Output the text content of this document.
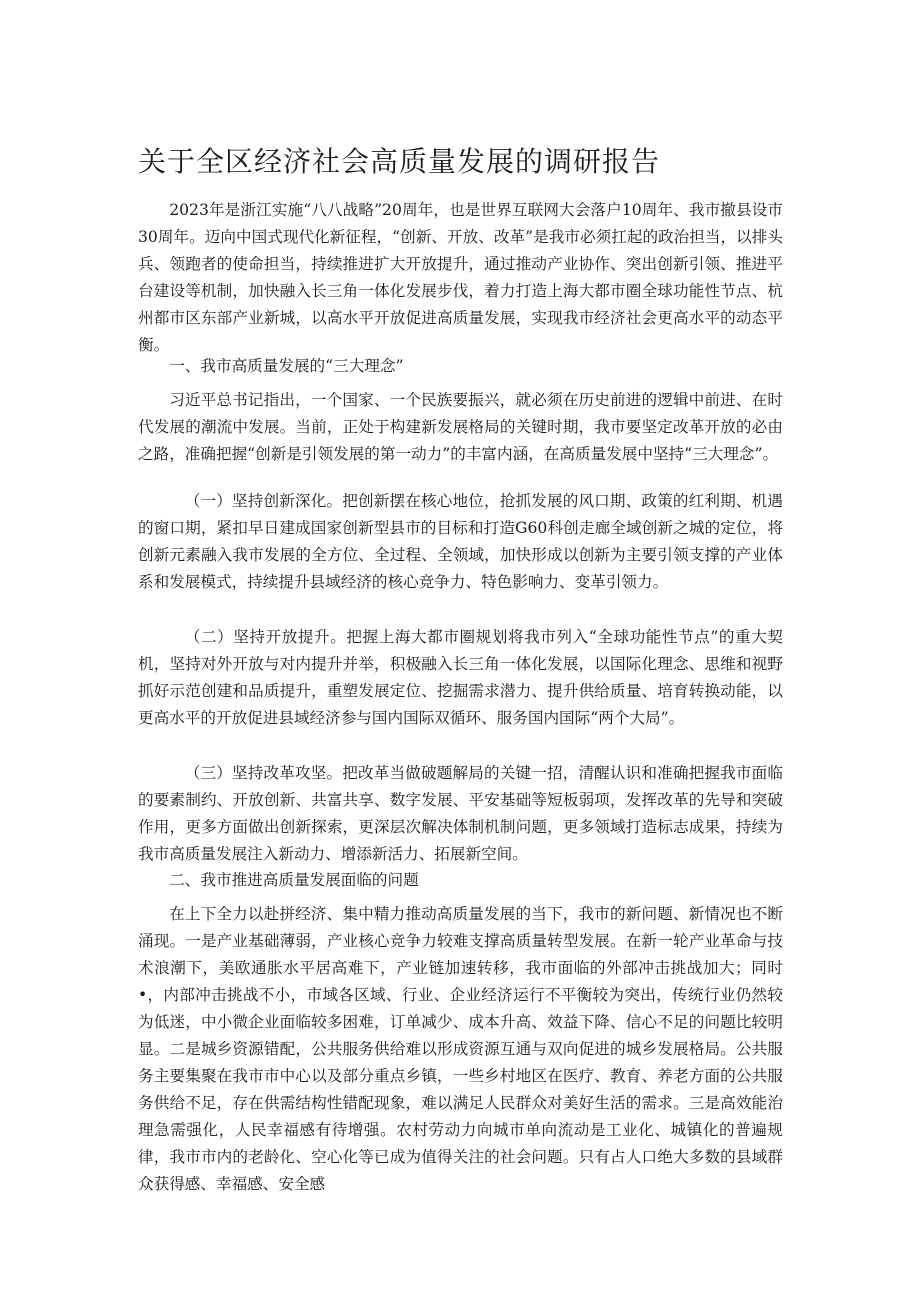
关于全区经济社会高质量发展的调研报告

2023年是浙江实施“八八战略”20周年，也是世界互联网大会落户10周年、我市撤县设市30周年。迈向中国式现代化新征程，“创新、开放、改革”是我市必须扛起的政治担当，以排头兵、领跑者的使命担当，持续推进扩大开放提升，通过推动产业协作、突出创新引领、推进平台建设等机制，加快融入长三角一体化发展步伐，着力打造上海大都市圈全球功能性节点、杭州都市区东部产业新城，以高水平开放促进高质量发展，实现我市经济社会更高水平的动态平衡。

一、我市高质量发展的“三大理念”

习近平总书记指出，一个国家、一个民族要振兴，就必须在历史前进的逻辑中前进、在时代发展的潮流中发展。当前，正处于构建新发展格局的关键时期，我市要坚定改革开放的必由之路，准确把握“创新是引领发展的第一动力”的丰富内涵，在高质量发展中坚持“三大理念”。

（一）坚持创新深化。把创新摆在核心地位，抢抓发展的风口期、政策的红利期、机遇的窗口期，紧扣早日建成国家创新型县市的目标和打造G60科创走廊全域创新之城的定位，将创新元素融入我市发展的全方位、全过程、全领域，加快形成以创新为主要引领支撑的产业体系和发展模式，持续提升县域经济的核心竞争力、特色影响力、变革引领力。

（二）坚持开放提升。把握上海大都市圈规划将我市列入“全球功能性节点”的重大契机，坚持对外开放与对内提升并举，积极融入长三角一体化发展，以国际化理念、思维和视野抓好示范创建和品质提升，重塑发展定位、挖掘需求潜力、提升供给质量、培育转换动能，以更高水平的开放促进县域经济参与国内国际双循环、服务国内国际“两个大局”。

（三）坚持改革攻坚。把改革当做破题解局的关键一招，清醒认识和准确把握我市面临的要素制约、开放创新、共富共享、数字发展、平安基础等短板弱项，发挥改革的先导和突破作用，更多方面做出创新探索，更深层次解决体制机制问题，更多领域打造标志成果，持续为我市高质量发展注入新动力、增添新活力、拓展新空间。

二、我市推进高质量发展面临的问题

在上下全力以赴拼经济、集中精力推动高质量发展的当下，我市的新问题、新情况也不断涌现。一是产业基础薄弱，产业核心竞争力较难支撑高质量转型发展。在新一轮产业革命与技术浪潮下，美欧通胀水平居高难下，产业链加速转移，我市面临的外部冲击挑战加大；同时•，内部冲击挑战不小，市域各区域、行业、企业经济运行不平衡较为突出，传统行业仍然较为低迷，中小微企业面临较多困难，订单减少、成本升高、效益下降、信心不足的问题比较明显。二是城乡资源错配，公共服务供给难以形成资源互通与双向促进的城乡发展格局。公共服务主要集聚在我市市中心以及部分重点乡镇，一些乡村地区在医疗、教育、养老方面的公共服务供给不足，存在供需结构性错配现象，难以满足人民群众对美好生活的需求。三是高效能治理急需强化，人民幸福感有待增强。农村劳动力向城市单向流动是工业化、城镇化的普遍规律，我市市内的老龄化、空心化等已成为值得关注的社会问题。只有占人口绝大多数的县域群众获得感、幸福感、安全感
